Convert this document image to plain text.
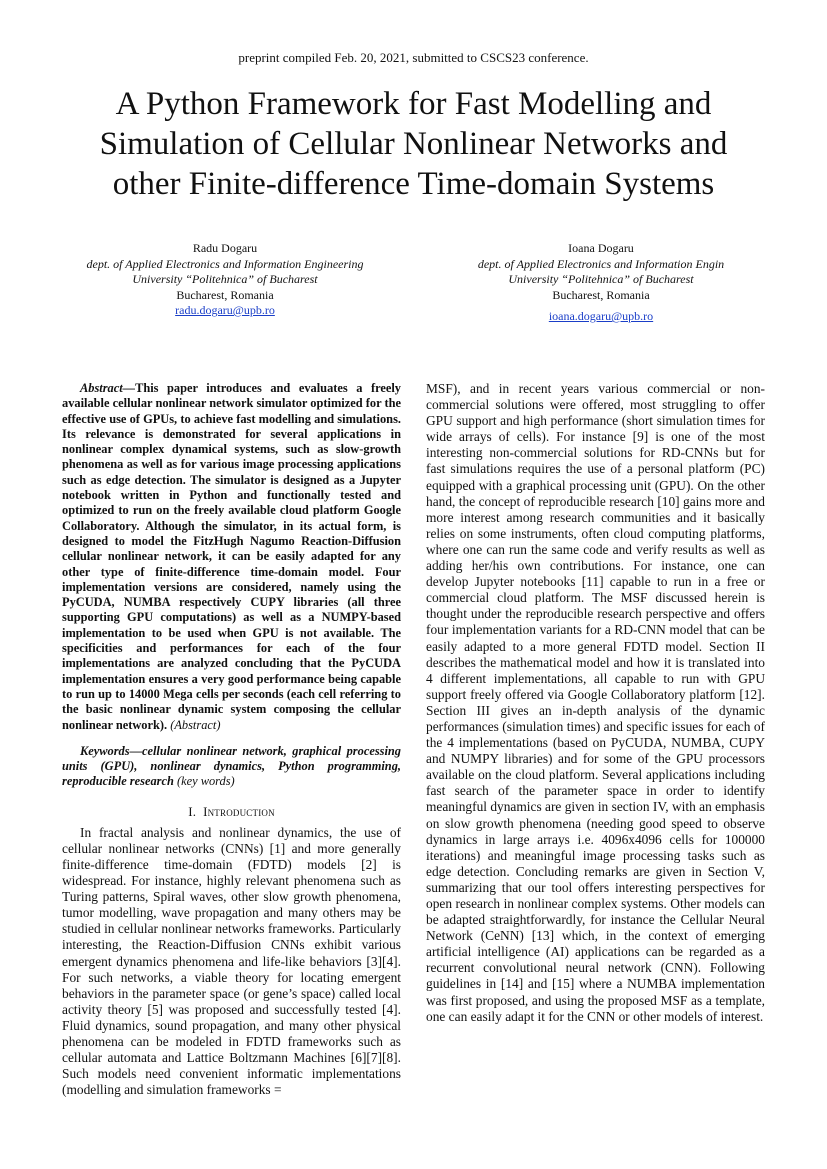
preprint compiled Feb. 20, 2021, submitted to CSCS23 conference.
A Python Framework for Fast Modelling and
Simulation of Cellular Nonlinear Networks and
other Finite-difference Time-domain Systems
Radu Dogaru
dept. of Applied Electronics and Information Engineering
University “Politehnica” of Bucharest
Bucharest, Romania
radu.dogaru@upb.ro
Ioana Dogaru
dept. of Applied Electronics and Information Engin
University “Politehnica” of Bucharest
Bucharest, Romania
ioana.dogaru@upb.ro

Abstract—This paper introduces and evaluates a freely available cellular nonlinear network simulator optimized for the effective use of GPUs, to achieve fast modelling and simulations. Its relevance is demonstrated for several applications in nonlinear complex dynamical systems, such as slow-growth phenomena as well as for various image processing applications such as edge detection. The simulator is designed as a Jupyter notebook written in Python and functionally tested and optimized to run on the freely available cloud platform Google Collaboratory. Although the simulator, in its actual form, is designed to model the FitzHugh Nagumo Reaction-Diffusion cellular nonlinear network, it can be easily adapted for any other type of finite-difference time-domain model. Four implementation versions are considered, namely using the PyCUDA, NUMBA respectively CUPY libraries (all three supporting GPU computations) as well as a NUMPY-based implementation to be used when GPU is not available. The specificities and performances for each of the four implementations are analyzed concluding that the PyCUDA implementation ensures a very good performance being capable to run up to 14000 Mega cells per seconds (each cell referring to the basic nonlinear dynamic system composing the cellular nonlinear network). (Abstract)

Keywords—cellular nonlinear network, graphical processing units (GPU), nonlinear dynamics, Python programming, reproducible research (key words)

I. Introduction

In fractal analysis and nonlinear dynamics, the use of cellular nonlinear networks (CNNs) [1] and more generally finite-difference time-domain (FDTD) models [2] is widespread. For instance, highly relevant phenomena such as Turing patterns, Spiral waves, other slow growth phenomena, tumor modelling, wave propagation and many others may be studied in cellular nonlinear networks frameworks. Particularly interesting, the Reaction-Diffusion CNNs exhibit various emergent dynamics phenomena and life-like behaviors [3][4]. For such networks, a viable theory for locating emergent behaviors in the parameter space (or gene’s space) called local activity theory [5] was proposed and successfully tested [4]. Fluid dynamics, sound propagation, and many other physical phenomena can be modeled in FDTD frameworks such as cellular automata and Lattice Boltzmann Machines [6][7][8]. Such models need convenient informatic implementations (modelling and simulation frameworks =

MSF), and in recent years various commercial or non-commercial solutions were offered, most struggling to offer GPU support and high performance (short simulation times for wide arrays of cells). For instance [9] is one of the most interesting non-commercial solutions for RD-CNNs but for fast simulations requires the use of a personal platform (PC) equipped with a graphical processing unit (GPU). On the other hand, the concept of reproducible research [10] gains more and more interest among research communities and it basically relies on some instruments, often cloud computing platforms, where one can run the same code and verify results as well as adding her/his own contributions. For instance, one can develop Jupyter notebooks [11] capable to run in a free or commercial cloud platform. The MSF discussed herein is thought under the reproducible research perspective and offers four implementation variants for a RD-CNN model that can be easily adapted to a more general FDTD model. Section II describes the mathematical model and how it is translated into 4 different implementations, all capable to run with GPU support freely offered via Google Collaboratory platform [12]. Section III gives an in-depth analysis of the dynamic performances (simulation times) and specific issues for each of the 4 implementations (based on PyCUDA, NUMBA, CUPY and NUMPY libraries) and for some of the GPU processors available on the cloud platform. Several applications including fast search of the parameter space in order to identify meaningful dynamics are given in section IV, with an emphasis on slow growth phenomena (needing good speed to observe dynamics in large arrays i.e. 4096x4096 cells for 100000 iterations) and meaningful image processing tasks such as edge detection. Concluding remarks are given in Section V, summarizing that our tool offers interesting perspectives for open research in nonlinear complex systems. Other models can be adapted straightforwardly, for instance the Cellular Neural Network (CeNN) [13] which, in the context of emerging artificial intelligence (AI) applications can be regarded as a recurrent convolutional neural network (CNN). Following guidelines in [14] and [15] where a NUMBA implementation was first proposed, and using the proposed MSF as a template, one can easily adapt it for the CNN or other models of interest.
